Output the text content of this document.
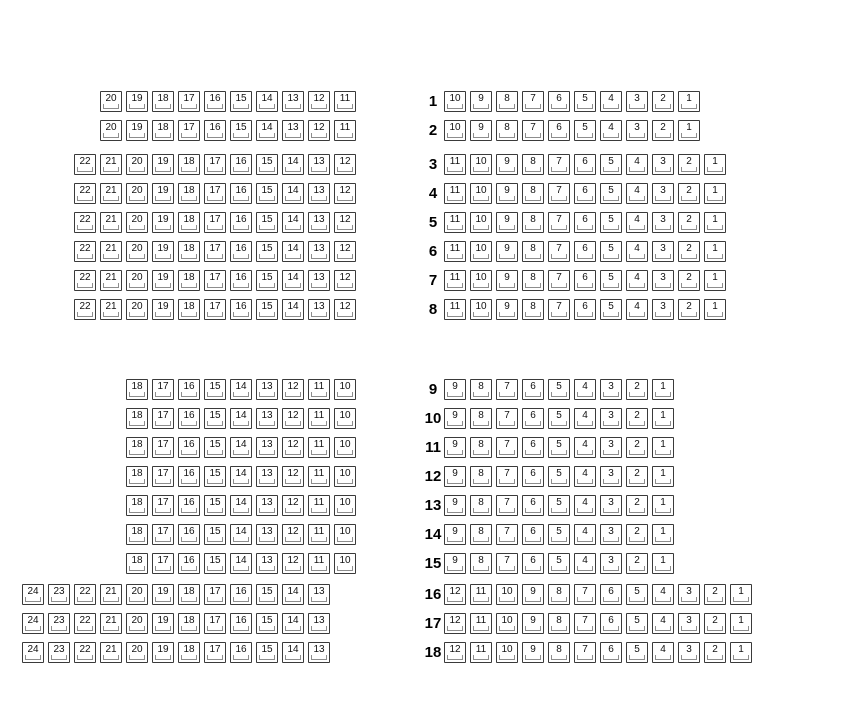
20	19	18	17	16	15	14	13	12	11	10	9	8	7	6	5	4	3	2	1
1
20	19	18	17	16	15	14	13	12	11	10	9	8	7	6	5	4	3	2	1
2
22	21	20	19	18	17	16	15	14	13	12	11	10	9	8	7	6	5	4	3	2	1
3
22	21	20	19	18	17	16	15	14	13	12	11	10	9	8	7	6	5	4	3	2	1
4
22	21	20	19	18	17	16	15	14	13	12	11	10	9	8	7	6	5	4	3	2	1
5
22	21	20	19	18	17	16	15	14	13	12	11	10	9	8	7	6	5	4	3	2	1
6
22	21	20	19	18	17	16	15	14	13	12	11	10	9	8	7	6	5	4	3	2	1
7
22	21	20	19	18	17	16	15	14	13	12	11	10	9	8	7	6	5	4	3	2	1
8
18	17	16	15	14	13	12	11	10	9	8	7	6	5	4	3	2	1
9
18	17	16	15	14	13	12	11	10	9	8	7	6	5	4	3	2	1
10
18	17	16	15	14	13	12	11	10	9	8	7	6	5	4	3	2	1
11
18	17	16	15	14	13	12	11	10	9	8	7	6	5	4	3	2	1
12
18	17	16	15	14	13	12	11	10	9	8	7	6	5	4	3	2	1
13
18	17	16	15	14	13	12	11	10	9	8	7	6	5	4	3	2	1
14
18	17	16	15	14	13	12	11	10	9	8	7	6	5	4	3	2	1
15
24	23	22	21	20	19	18	17	16	15	14	13	12	11	10	9	8	7	6	5	4	3	2	1
16
24	23	22	21	20	19	18	17	16	15	14	13	12	11	10	9	8	7	6	5	4	3	2	1
17
24	23	22	21	20	19	18	17	16	15	14	13	12	11	10	9	8	7	6	5	4	3	2	1
18
